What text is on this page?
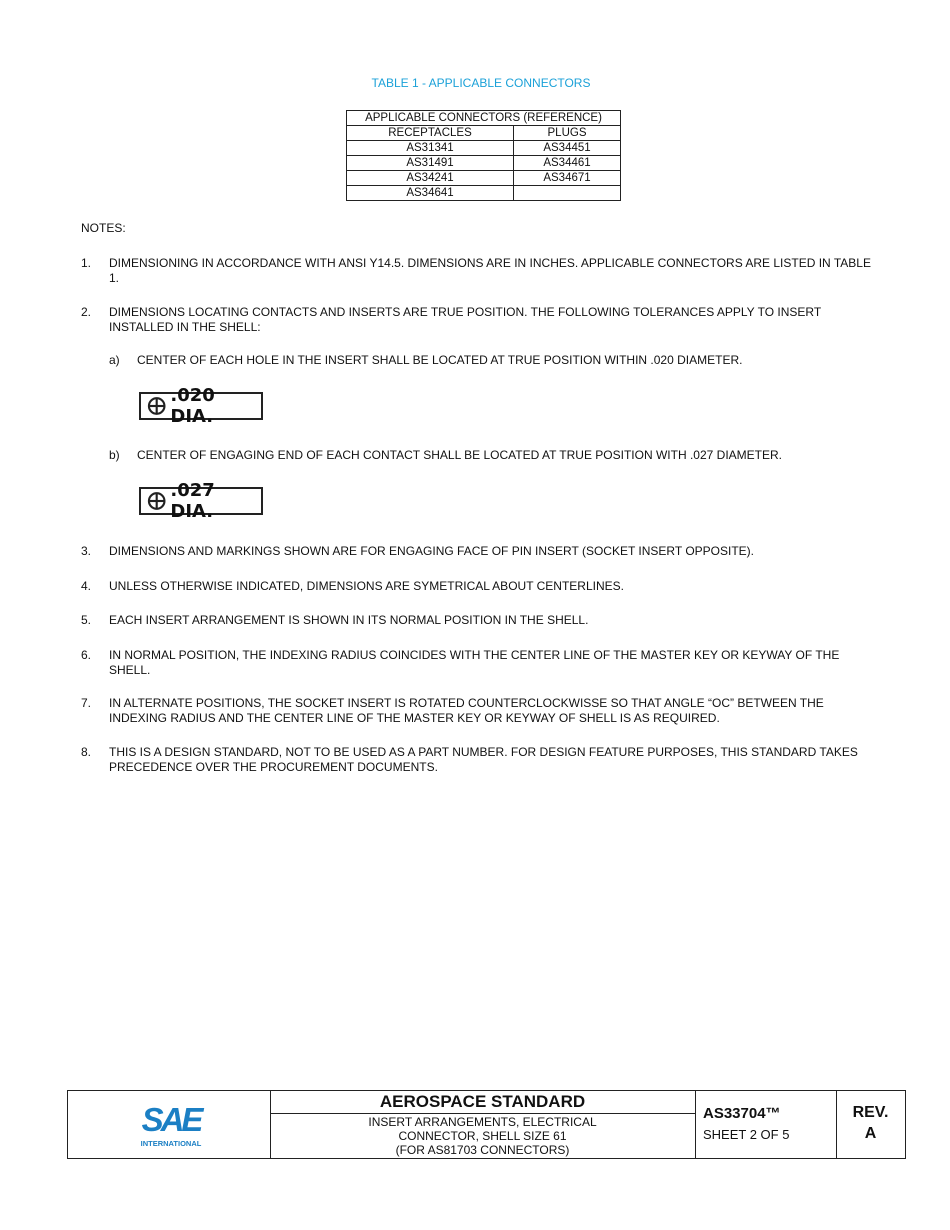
TABLE 1 - APPLICABLE CONNECTORS
APPLICABLE CONNECTORS (REFERENCE)	
RECEPTACLES	PLUGS
AS31341	AS34451
AS31491	AS34461
AS34241	AS34671
AS34641	
NOTES:
1. DIMENSIONING IN ACCORDANCE WITH ANSI Y14.5. DIMENSIONS ARE IN INCHES. APPLICABLE CONNECTORS ARE LISTED IN TABLE 1.
2. DIMENSIONS LOCATING CONTACTS AND INSERTS ARE TRUE POSITION. THE FOLLOWING TOLERANCES APPLY TO INSERT INSTALLED IN THE SHELL:
a) CENTER OF EACH HOLE IN THE INSERT SHALL BE LOCATED AT TRUE POSITION WITHIN .020 DIAMETER.
.020 DIA.
b) CENTER OF ENGAGING END OF EACH CONTACT SHALL BE LOCATED AT TRUE POSITION WITH .027 DIAMETER.
.027 DIA.
3. DIMENSIONS AND MARKINGS SHOWN ARE FOR ENGAGING FACE OF PIN INSERT (SOCKET INSERT OPPOSITE).
4. UNLESS OTHERWISE INDICATED, DIMENSIONS ARE SYMETRICAL ABOUT CENTERLINES.
5. EACH INSERT ARRANGEMENT IS SHOWN IN ITS NORMAL POSITION IN THE SHELL.
6. IN NORMAL POSITION, THE INDEXING RADIUS COINCIDES WITH THE CENTER LINE OF THE MASTER KEY OR KEYWAY OF THE SHELL.
7. IN ALTERNATE POSITIONS, THE SOCKET INSERT IS ROTATED COUNTERCLOCKWISSE SO THAT ANGLE “OC” BETWEEN THE INDEXING RADIUS AND THE CENTER LINE OF THE MASTER KEY OR KEYWAY OF SHELL IS AS REQUIRED.
8. THIS IS A DESIGN STANDARD, NOT TO BE USED AS A PART NUMBER. FOR DESIGN FEATURE PURPOSES, THIS STANDARD TAKES PRECEDENCE OVER THE PROCUREMENT DOCUMENTS.
SAE
INTERNATIONAL
AEROSPACE STANDARD
INSERT ARRANGEMENTS, ELECTRICAL
CONNECTOR, SHELL SIZE 61
(FOR AS81703 CONNECTORS)
AS33704™
SHEET 2 OF 5
REV.
A
